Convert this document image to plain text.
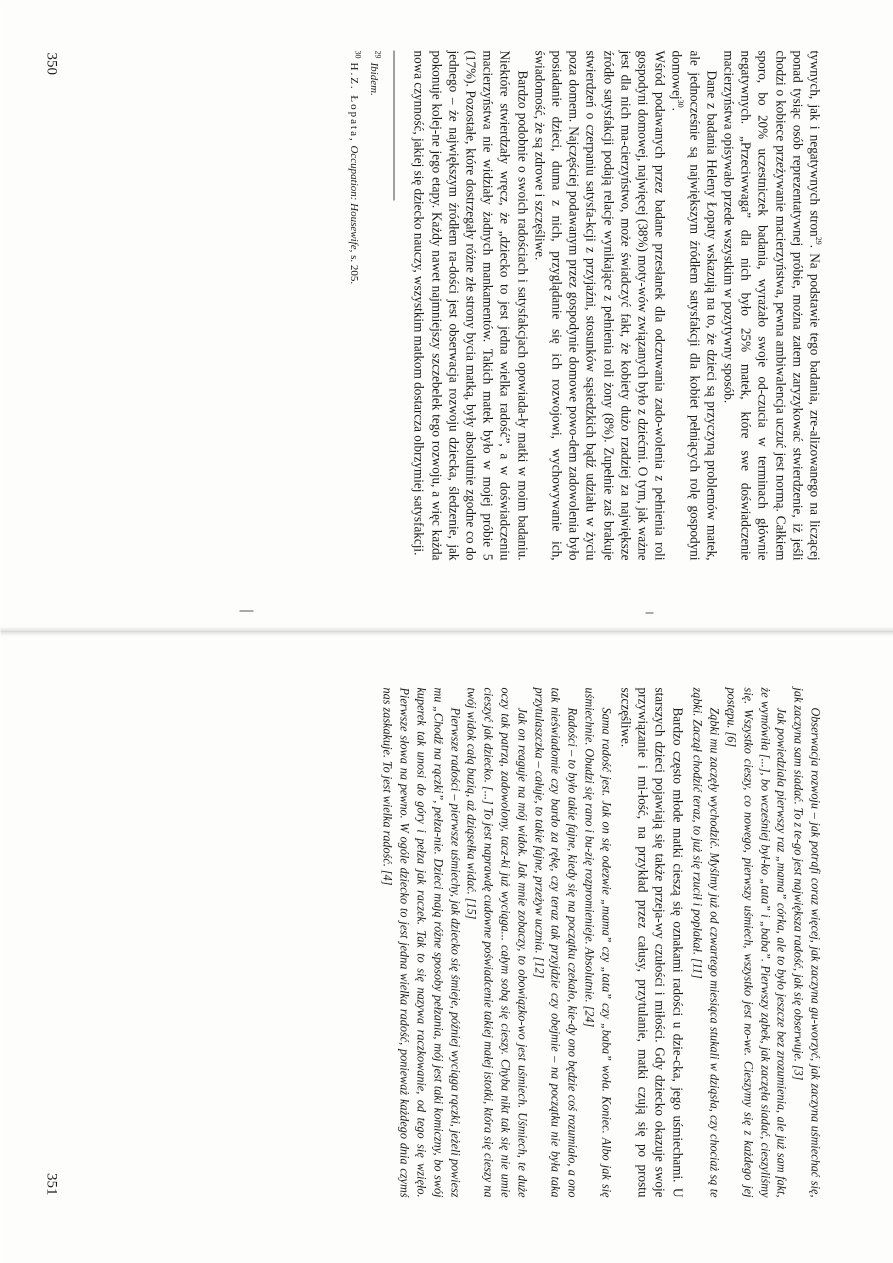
tywnych, jak i negatywnych stron$^{29}$. Na podstawie tego badania, zre-alizowanego na liczącej ponad tysiąc osób reprezentatywnej próbie, można zatem zaryzykować stwierdzenie, iż jeśli chodzi o kobiece przeżywanie macierzyństwa, pewna ambiwalencja uczuć jest normą. Całkiem sporo, bo 20% uczestniczek badania, wyrażało swoje od-czucia w terminach głównie negatywnych. „Przeciwwaga” dla nich było 25% matek, które swe doświadczenie macierzyństwa opisywało przede wszystkim w pozytywny sposób.

Dane z badania Heleny Łopaty wskazują na to, że dzieci są przyczyną problemów matek, ale jednocześnie są największym źródłem satysfakcji dla kobiet pełniących rolę gospodyni domowej$^{30}$.

Wśród podawanych przez badane przesłanek dla odczuwania zado-wolenia z pełnienia roli gospodyni domowej, najwięcej (38%) moty-wów związanych było z dziećmi. O tym, jak ważne jest dla nich ma-cierzyństwo, może świadczyć fakt, że kobiety dużo rzadziej za największe źródło satysfakcji podają relacje wynikające z pełnienia roli żony (8%). Zupełnie zaś brakuje stwierdzeń o czerpaniu satysfa-kcji z przyjaźni, stosunków sąsiedzkich bądź udziału w życiu poza domem. Najczęściej podawanym przez gospodynie domowe powo-dem zadowolenia było posiadanie dzieci, duma z nich, przyglądanie się ich rozwojowi, wychowywanie ich, świadomość, że są zdrowe i szczęśliwe.

Bardzo podobnie o swoich radościach i satysfakcjach opowiada-ły matki w moim badaniu. Niektóre stwierdzały wręcz, że „dziecko to jest jedna wielka radość”, a w doświadczeniu macierzyństwa nie widziały żadnych mankamentów. Takich matek było w mojej próbie 5 (17%). Pozostałe, które dostrzegały różne złe strony bycia matką, były absolutnie zgodne co do jednego – że największym źródłem ra-dości jest obserwacja rozwoju dziecka, śledzenie, jak pokonuje kolej-ne jego etapy. Każdy nawet najmniejszy szczebelek tego rozwoju, a więc każda nowa czynność, jakiej się dziecko nauczy, wszystkim matkom dostarcza olbrzymiej satysfakcji.

$^{29}$Ibidem.
$^{30}$H.Z. Łopata, Occupation: Housewife, s. 205.
350

Obserwacja rozwoju – jak potrafi coraz więcej, jak zaczyna gu-worzyć, jak zaczyna uśmiechać się, jak zaczyna sam siadać. To z te-go jest największa radość, jak się obserwuje. [3]

Jak powiedziała pierwszy raz „mama” córka, ale to było jeszcze bez zrozumienia, ale już sam fakt, że wymówiła [...], bo wcześniej był-ko „tata” i „baba”. Pierwszy ząbek, jak zaczęła siadać, cieszyliśmy się. Wszystko cieszy, co nowego, pierwszy uśmiech, wszystko jest no-we. Cieszymy się z każdego jej postępu. [6]

Ząbki mu zaczęły wychodzić. Myślmy już od czwartego miesiąca stukali w dziąsła, czy chociaż są te ząbki. Zaczął chodzić teraz, to już się rzucił i poplakał. [11]

Bardzo często młode matki cieszą się oznakami radości u dzie-cka, jego uśmiechami. U starszych dzieci pojawiają się także przeja-wy czułości i miłości. Gdy dziecko okazuje swoje przywiązanie i mi-łość, na przykład przez całusy, przytulanie, matki czują się po prostu szczęśliwe.

Sama radość jest. Jak on się odezwie „mama” czy „tata” czy „baba” woła. Koniec. Albo jak się uśmiechnie. Obudzi się rano i bu-zię rozpromienieje. Absolutnie. [24]

Radości – to było takie fajne, kiedy się na początku czekało, kie-dy ono będzie coś rozumiało, a ono tak nieświadomie czy bardo za rękę, czy teraz tak przyjdzie czy obejmie – na początku nie była taka przytulaszczka – całuje, to takie fajne, przeżyw ucznia. [12]

Jak on reaguje na mój widok. Jak mnie zobaczy, to obowiązko-wo jest uśmiech. Uśmiech, te duże oczy tak patrzą, zadowolony, tacz-ki już wyciąga... całym sobą się cieszy. Chyba nikt tak się nie umie cieszyć jak dziecko. [...] To jest naprawdę cudowne poświadcenie takiej małej istotki, która się cieszy na twój widok całą buzią, aż dziąsełka widać. [15]

Pierwsze radości – pierwsze uśmiechy, jak dziecko się śmieje, później wyciąga rączki, jeżeli powiesz mu „Chodź na rączki”, pełza-nie. Dzieci mają różne sposoby pełzania, mój jest taki komiczny, bo swój kuperek tak unosi do góry i pełza jak raczek. Tak to się nazywa raczkowanie, od tego się wzięło. Pierwsze słowa na pewno. W ogóle dziecko to jest jedna wielka radość, ponieważ każdego dnia czymś nas zaskakuje. To jest wielka radość. [4]

351
